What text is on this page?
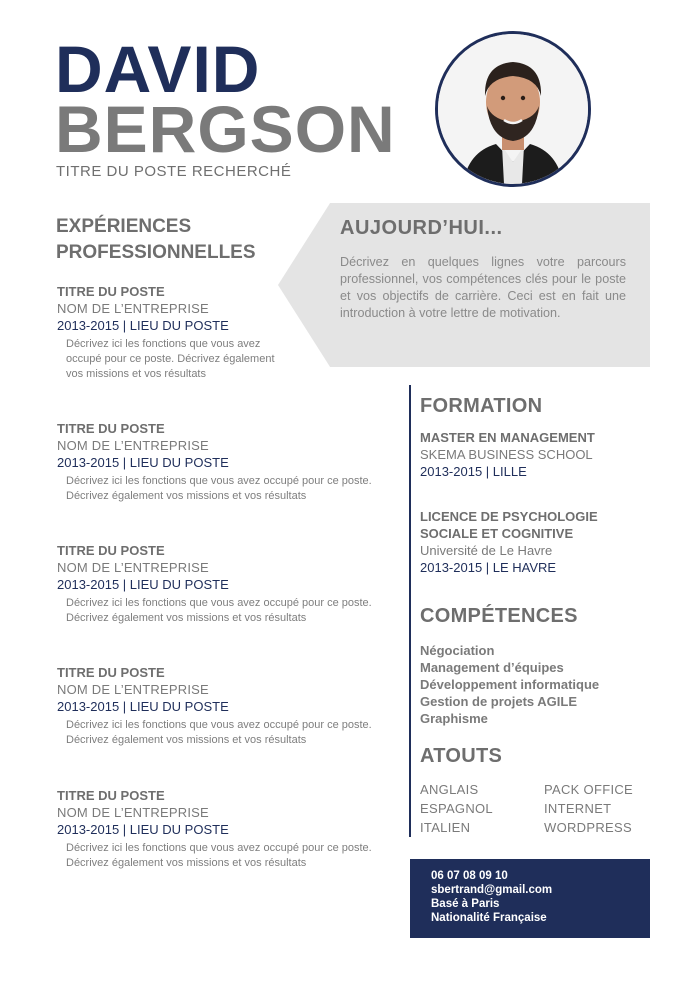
DAVID
BERGSON
TITRE DU POSTE RECHERCHÉ
AUJOURD’HUI...
Décrivez en quelques lignes votre parcours professionnel, vos compétences clés pour le poste et vos objectifs de carrière. Ceci est en fait une introduction à votre lettre de motivation.
EXPÉRIENCES PROFESSIONNELLES
TITRE DU POSTE
NOM DE L’ENTREPRISE
2013-2015 | LIEU DU POSTE
Décrivez ici les fonctions que vous avez occupé pour ce poste. Décrivez également vos missions et vos résultats
TITRE DU POSTE
NOM DE L’ENTREPRISE
2013-2015 | LIEU DU POSTE
Décrivez ici les fonctions que vous avez occupé pour ce poste. Décrivez également vos missions et vos résultats
TITRE DU POSTE
NOM DE L’ENTREPRISE
2013-2015 | LIEU DU POSTE
Décrivez ici les fonctions que vous avez occupé pour ce poste. Décrivez également vos missions et vos résultats
TITRE DU POSTE
NOM DE L’ENTREPRISE
2013-2015 | LIEU DU POSTE
Décrivez ici les fonctions que vous avez occupé pour ce poste. Décrivez également vos missions et vos résultats
TITRE DU POSTE
NOM DE L’ENTREPRISE
2013-2015 | LIEU DU POSTE
Décrivez ici les fonctions que vous avez occupé pour ce poste. Décrivez également vos missions et vos résultats
FORMATION
MASTER EN MANAGEMENT
SKEMA BUSINESS SCHOOL
2013-2015 | LILLE
LICENCE DE PSYCHOLOGIE SOCIALE ET COGNITIVE
Université de Le Havre
2013-2015 | LE HAVRE
COMPÉTENCES
Négociation
Management d’équipes
Développement informatique
Gestion de projets AGILE
Graphisme
ATOUTS
ANGLAIS
ESPAGNOL
ITALIEN
PACK OFFICE
INTERNET
WORDPRESS
06 07 08 09 10
sbertrand@gmail.com
Basé à Paris
Nationalité Française
